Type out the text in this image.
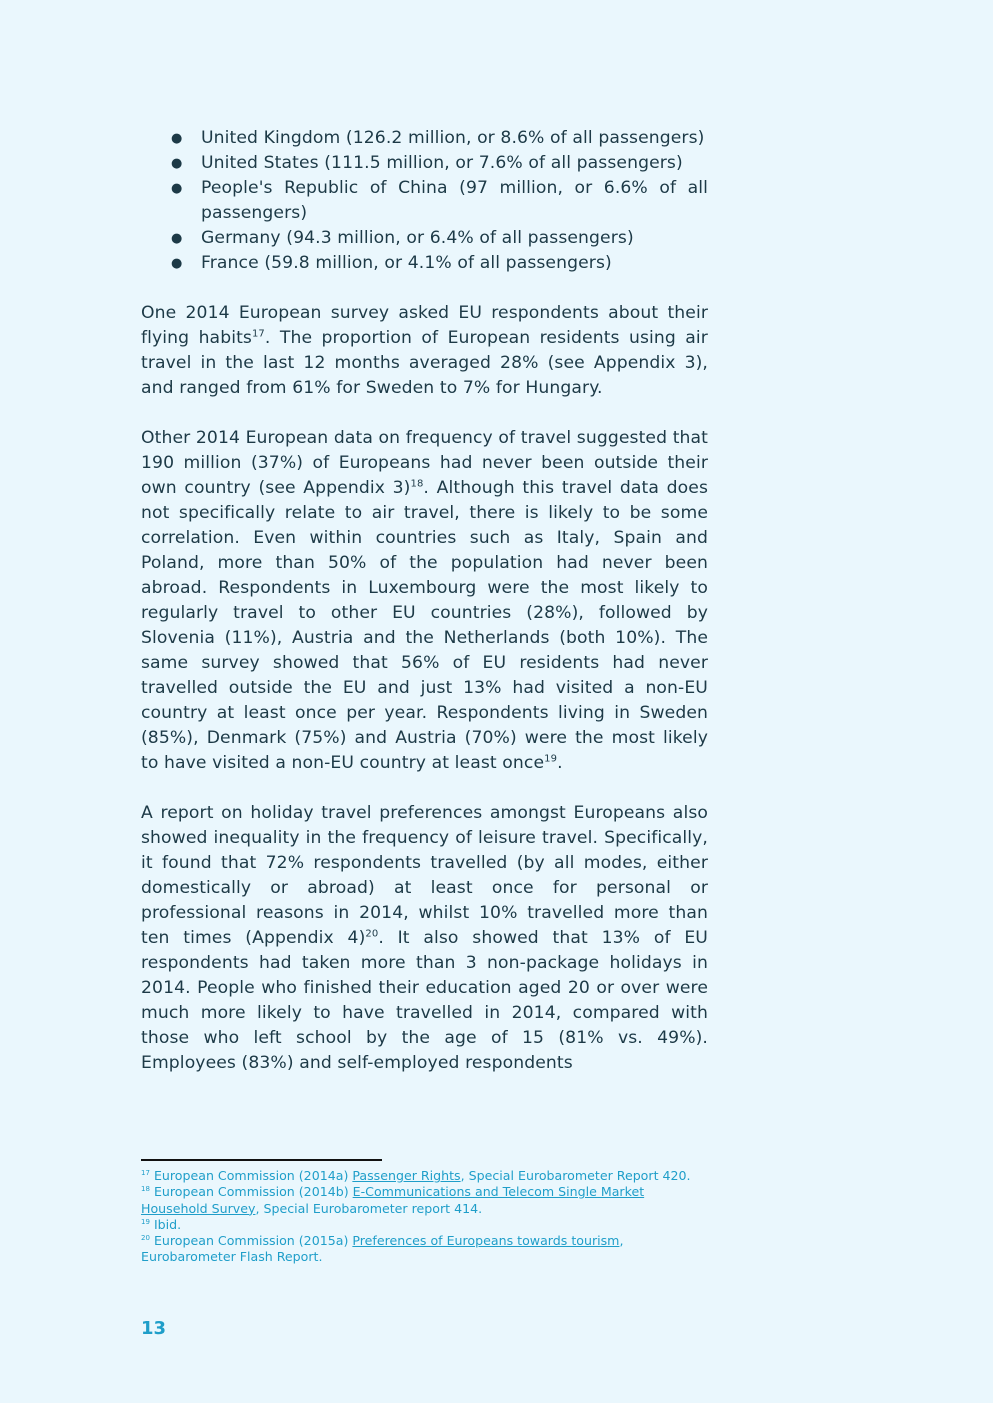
● United Kingdom (126.2 million, or 8.6% of all passengers)
● United States (111.5 million, or 7.6% of all passengers)
● People's Republic of China (97 million, or 6.6% of all passengers)
● Germany (94.3 million, or 6.4% of all passengers)
● France (59.8 million, or 4.1% of all passengers)

One 2014 European survey asked EU respondents about their flying habits$^{17}$. The proportion of European residents using air travel in the last 12 months averaged 28% (see Appendix 3), and ranged from 61% for Sweden to 7% for Hungary.

Other 2014 European data on frequency of travel suggested that 190 million (37%) of Europeans had never been outside their own country (see Appendix 3)$^{18}$. Although this travel data does not specifically relate to air travel, there is likely to be some correlation. Even within countries such as Italy, Spain and Poland, more than 50% of the population had never been abroad. Respondents in Luxembourg were the most likely to regularly travel to other EU countries (28%), followed by Slovenia (11%), Austria and the Netherlands (both 10%). The same survey showed that 56% of EU residents had never travelled outside the EU and just 13% had visited a non-EU country at least once per year. Respondents living in Sweden (85%), Denmark (75%) and Austria (70%) were the most likely to have visited a non-EU country at least once$^{19}$.

A report on holiday travel preferences amongst Europeans also showed inequality in the frequency of leisure travel. Specifically, it found that 72% respondents travelled (by all modes, either domestically or abroad) at least once for personal or professional reasons in 2014, whilst 10% travelled more than ten times (Appendix 4)$^{20}$. It also showed that 13% of EU respondents had taken more than 3 non-package holidays in 2014. People who finished their education aged 20 or over were much more likely to have travelled in 2014, compared with those who left school by the age of 15 (81% vs. 49%). Employees (83%) and self-employed respondents

$^{17}$ European Commission (2014a) Passenger Rights, Special Eurobarometer Report 420.

$^{18}$ European Commission (2014b) E-Communications and Telecom Single Market Household Survey, Special Eurobarometer report 414.

$^{19}$ Ibid.

$^{20}$ European Commission (2015a) Preferences of Europeans towards tourism, Eurobarometer Flash Report.

13
